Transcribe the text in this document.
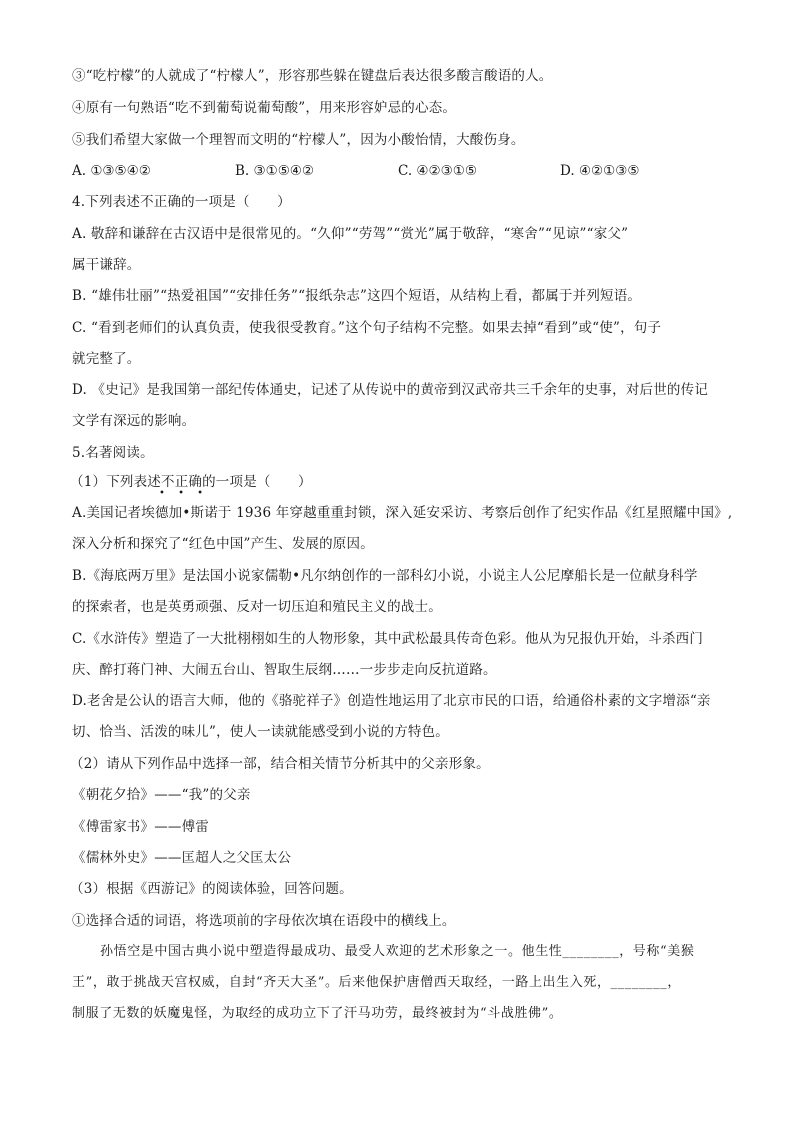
③“吃柠檬”的人就成了“柠檬人”，形容那些躲在键盘后表达很多酸言酸语的人。
④原有一句熟语“吃不到葡萄说葡萄酸”，用来形容妒忌的心态。
⑤我们希望大家做一个理智而文明的“柠檬人”，因为小酸怡情，大酸伤身。
A. ①③⑤④②	B. ③①⑤④②	C. ④②③①⑤	D. ④②①③⑤
4.下列表述不正确的一项是（　　）
A. 敬辞和谦辞在古汉语中是很常见的。“久仰”“劳驾”“赏光”属于敬辞，“寒舍”“见谅”“家父”
属干谦辞。
B. “雄伟壮丽”“热爱祖国”“安排任务”“报纸杂志”这四个短语，从结构上看，都属于并列短语。
C. “看到老师们的认真负责，使我很受教育。”这个句子结构不完整。如果去掉“看到”或“使”，句子
就完整了。
D. 《史记》是我国第一部纪传体通史，记述了从传说中的黄帝到汉武帝共三千余年的史事，对后世的传记
文学有深远的影响。
5.名著阅读。
（1）下列表述不正确的一项是（　　）
• • •
A.美国记者埃德加•斯诺于 1936 年穿越重重封锁，深入延安采访、考察后创作了纪实作品《红星照耀中国》,
深入分析和探究了“红色中国”产生、发展的原因。
B.《海底两万里》是法国小说家儒勒•凡尔纳创作的一部科幻小说，小说主人公尼摩船长是一位献身科学
的探索者，也是英勇顽强、反对一切压迫和殖民主义的战士。
C.《水浒传》塑造了一大批栩栩如生的人物形象，其中武松最具传奇色彩。他从为兄报仇开始，斗杀西门
庆、醉打蒋门神、大闹五台山、智取生辰纲……一步步走向反抗道路。
D.老舍是公认的语言大师，他的《骆驼祥子》创造性地运用了北京市民的口语，给通俗朴素的文字增添“亲
切、恰当、活泼的味儿”，使人一读就能感受到小说的方特色。
（2）请从下列作品中选择一部，结合相关情节分析其中的父亲形象。
《朝花夕拾》——“我”的父亲
《傅雷家书》——傅雷
《儒林外史》——匡超人之父匡太公
（3）根据《西游记》的阅读体验，回答问题。
①选择合适的词语，将选项前的字母依次填在语段中的横线上。
孙悟空是中国古典小说中塑造得最成功、最受人欢迎的艺术形象之一。他生性________，号称“美猴
王”，敢于挑战天宫权威，自封“齐天大圣”。后来他保护唐僧西天取经，一路上出生入死，________，
制服了无数的妖魔鬼怪，为取经的成功立下了汗马功劳，最终被封为“斗战胜佛”。
